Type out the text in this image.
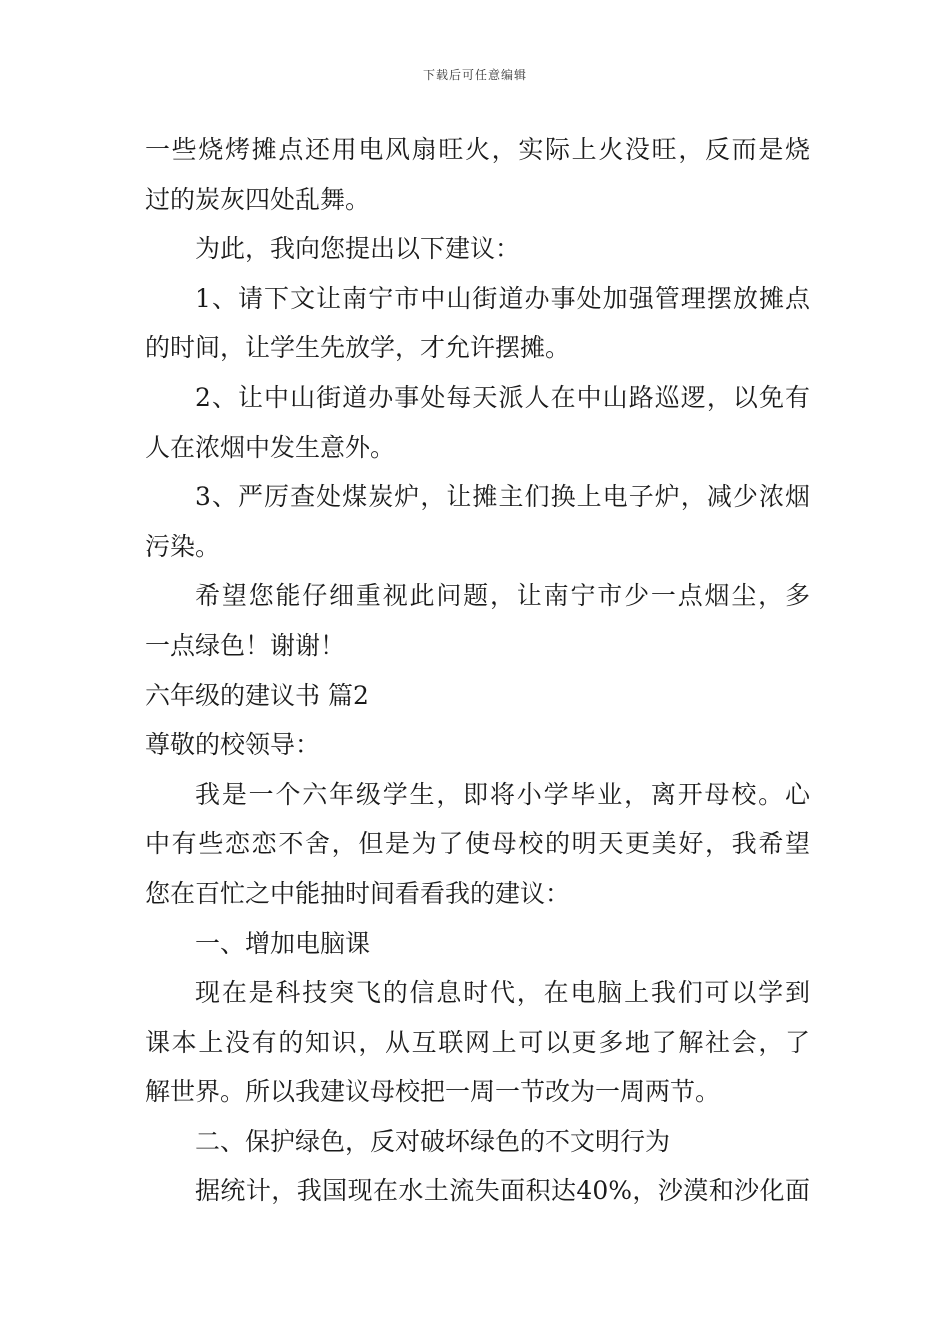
下载后可任意编辑
一些烧烤摊点还用电风扇旺火，实际上火没旺，反而是烧
过的炭灰四处乱舞。
为此，我向您提出以下建议：
1、请下文让南宁市中山街道办事处加强管理摆放摊点
的时间，让学生先放学，才允许摆摊。
2、让中山街道办事处每天派人在中山路巡逻，以免有
人在浓烟中发生意外。
3、严厉查处煤炭炉，让摊主们换上电子炉，减少浓烟
污染。
希望您能仔细重视此问题，让南宁市少一点烟尘，多
一点绿色！谢谢！
六年级的建议书 篇2
尊敬的校领导：
我是一个六年级学生，即将小学毕业，离开母校。心
中有些恋恋不舍，但是为了使母校的明天更美好，我希望
您在百忙之中能抽时间看看我的建议：
一、增加电脑课
现在是科技突飞的信息时代，在电脑上我们可以学到
课本上没有的知识，从互联网上可以更多地了解社会，了
解世界。所以我建议母校把一周一节改为一周两节。
二、保护绿色，反对破坏绿色的不文明行为
据统计，我国现在水土流失面积达40%，沙漠和沙化面
